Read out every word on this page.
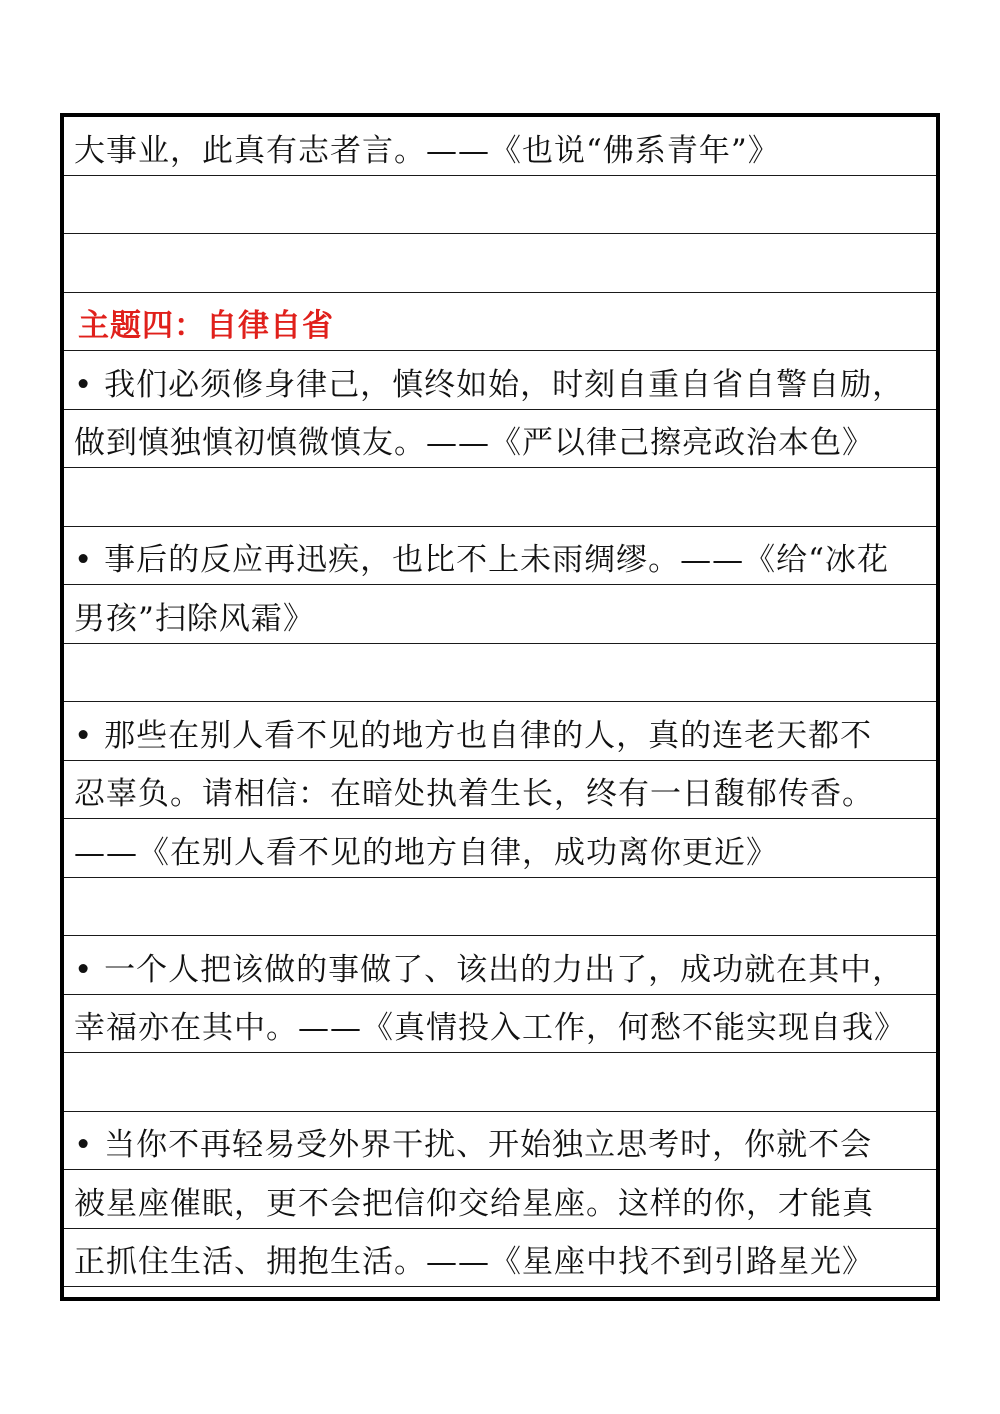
大事业，此真有志者言。——《也说“佛系青年”》
主题四：自律自省
• 我们必须修身律己，慎终如始，时刻自重自省自警自励，
做到慎独慎初慎微慎友。——《严以律己擦亮政治本色》
• 事后的反应再迅疾，也比不上未雨绸缪。——《给“冰花
男孩”扫除风霜》
• 那些在别人看不见的地方也自律的人，真的连老天都不
忍辜负。请相信：在暗处执着生长，终有一日馥郁传香。
——《在别人看不见的地方自律，成功离你更近》
• 一个人把该做的事做了、该出的力出了，成功就在其中，
幸福亦在其中。——《真情投入工作，何愁不能实现自我》
• 当你不再轻易受外界干扰、开始独立思考时，你就不会
被星座催眠，更不会把信仰交给星座。这样的你，才能真
正抓住生活、拥抱生活。——《星座中找不到引路星光》
